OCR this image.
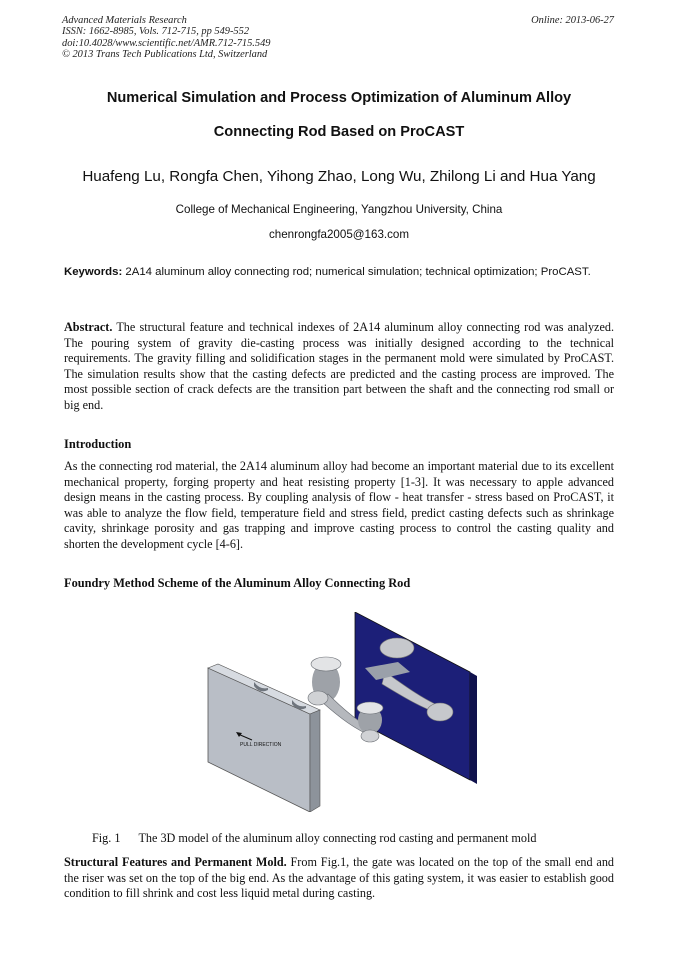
Advanced Materials Research
ISSN: 1662-8985, Vols. 712-715, pp 549-552
doi:10.4028/www.scientific.net/AMR.712-715.549
© 2013 Trans Tech Publications Ltd, Switzerland
Online: 2013-06-27
Numerical Simulation and Process Optimization of Aluminum Alloy
Connecting Rod Based on ProCAST
Huafeng Lu, Rongfa Chen, Yihong Zhao, Long Wu, Zhilong Li and Hua Yang
College of Mechanical Engineering, Yangzhou University, China
chenrongfa2005@163.com
Keywords: 2A14 aluminum alloy connecting rod; numerical simulation; technical optimization; ProCAST.
Abstract. The structural feature and technical indexes of 2A14 aluminum alloy connecting rod was analyzed. The pouring system of gravity die-casting process was initially designed according to the technical requirements. The gravity filling and solidification stages in the permanent mold were simulated by ProCAST. The simulation results show that the casting defects are predicted and the casting process are improved. The most possible section of crack defects are the transition part between the shaft and the connecting rod small or big end.
Introduction
As the connecting rod material, the 2A14 aluminum alloy had become an important material due to its excellent mechanical property, forging property and heat resisting property [1-3]. It was necessary to apple advanced design means in the casting process. By coupling analysis of flow - heat transfer - stress based on ProCAST, it was able to analyze the flow field, temperature field and stress field, predict casting defects such as shrinkage cavity, shrinkage porosity and gas trapping and improve casting process to control the casting quality and shorten the development cycle [4-6].
Foundry Method Scheme of the Aluminum Alloy Connecting Rod
PULL DIRECTION
Fig. 1 The 3D model of the aluminum alloy connecting rod casting and permanent mold
Structural Features and Permanent Mold. From Fig.1, the gate was located on the top of the small end and the riser was set on the top of the big end. As the advantage of this gating system, it was easier to establish good condition to fill shrink and cost less liquid metal during casting.
